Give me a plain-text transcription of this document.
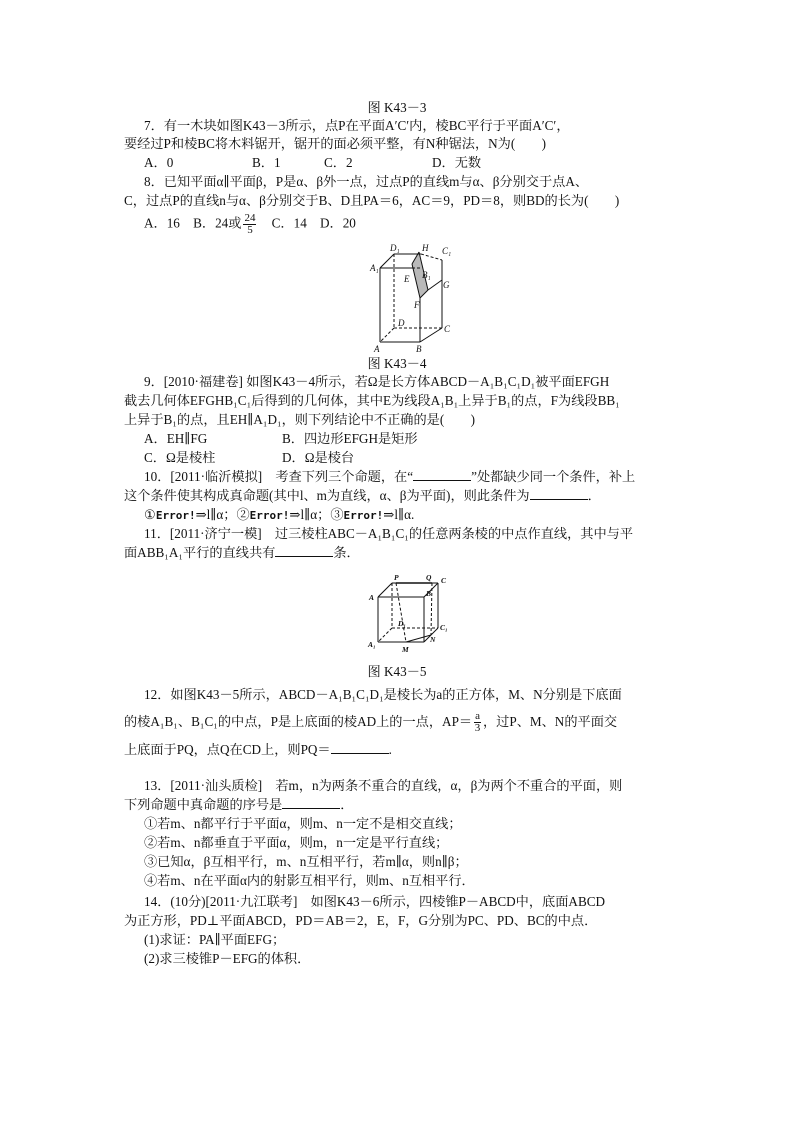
图 K43－3
7．有一木块如图K43－3所示，点P在平面A′C′内，棱BC平行于平面A′C′，
要经过P和棱BC将木料锯开，锯开的面必须平整，有N种锯法，N为(　　)
A．0	B．1	C．2	D．无数
8．已知平面α∥平面β，P是α、β外一点，过点P的直线m与α、β分别交于点A、
C，过点P的直线n与α、β分别交于B、D且PA＝6，AC＝9，PD＝8，则BD的长为(　　)
A．16　B．24或 $\frac{24}{5}$ 　C．14　D．20
D₁ H C₁
A₁
B₁
E
G
F
D
C
A	B
图 K43－4
9．[2010·福建卷] 如图K43－4所示，若Ω是长方体ABCD－A₁B₁C₁D₁被平面EFGH
截去几何体EFGHB₁C₁后得到的几何体，其中E为线段A₁B₁上异于B₁的点，F为线段BB₁
上异于B₁的点，且EH∥A₁D₁，则下列结论中不正确的是(　　)
A．EH∥FG	B．四边形EFGH是矩形
C．Ω是棱柱	D．Ω是棱台
10．[2011·临沂模拟]　考查下列三个命题，在“	”处都缺少同一个条件，补上
这个条件使其构成真命题(其中l、m为直线，α、β为平面)，则此条件为	．
①Error!⇒l∥α；②Error!⇒l∥α；③Error!⇒l∥α.
11．[2011·济宁一模]　过三棱柱ABC－A₁B₁C₁的任意两条棱的中点作直线，其中与平
面ABB₁A₁平行的直线共有	条．
P	Q C
A	B
D₁	C₁
A₁
M
N
图 K43－5
12．如图K43－5所示，ABCD－A₁B₁C₁D₁是棱长为a的正方体，M、N分别是下底面
的棱A₁B₁、B₁C₁的中点，P是上底面的棱AD上的一点，$AP= \frac{a}{3}$ ，过P、M、N的平面交
上底面于PQ，点Q在CD上，则PQ＝	.
13．[2011·汕头质检]　若m，n为两条不重合的直线，α，β为两个不重合的平面，则
下列命题中真命题的序号是	．
①若m、n都平行于平面α，则m、n一定不是相交直线；
②若m、n都垂直于平面α，则m，n一定是平行直线；
③已知α，β互相平行，m、n互相平行，若m∥α，则n∥β；
④若m、n在平面α内的射影互相平行，则m、n互相平行．
14．(10分)[2011·九江联考]　如图K43－6所示，四棱锥P－ABCD中，底面ABCD
为正方形，PD⊥平面ABCD，PD＝AB＝2，E，F，G分别为PC、PD、BC的中点．
(1)求证：PA∥平面EFG；
(2)求三棱锥P－EFG的体积．
